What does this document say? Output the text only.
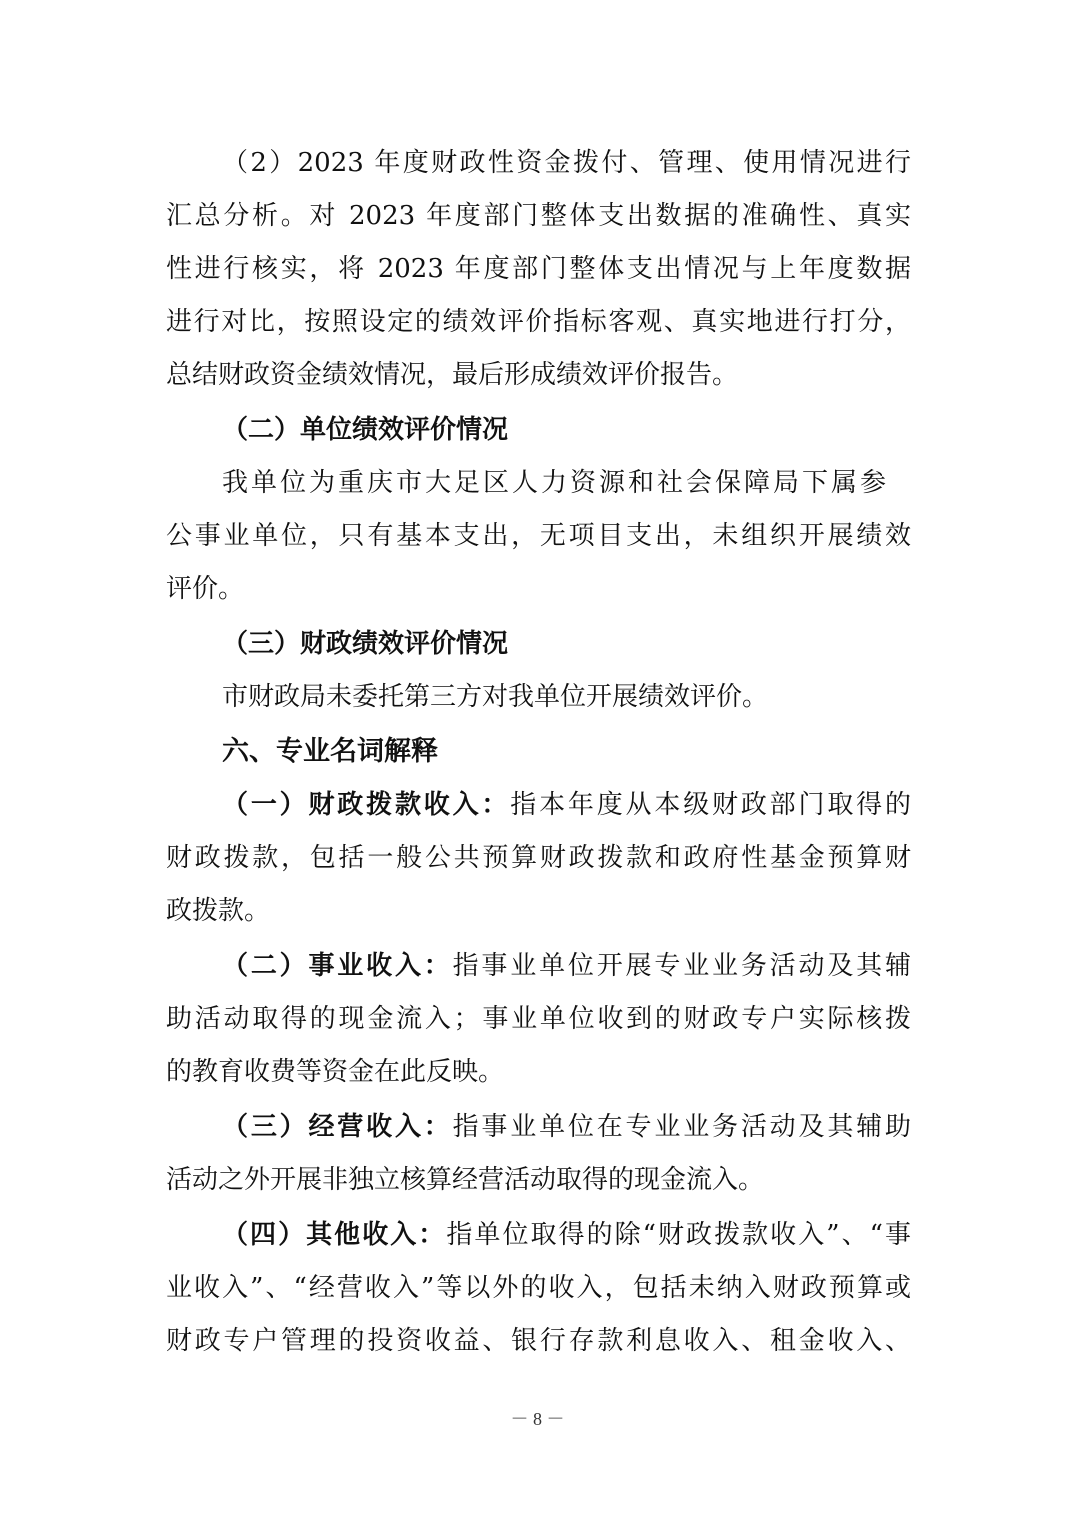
（2）2023 年度财政性资金拨付、管理、使用情况进行
汇总分析。对 2023 年度部门整体支出数据的准确性、真实
性进行核实，将 2023 年度部门整体支出情况与上年度数据
进行对比，按照设定的绩效评价指标客观、真实地进行打分，
总结财政资金绩效情况，最后形成绩效评价报告。
（二）单位绩效评价情况
我单位为重庆市大足区人力资源和社会保障局下属参
公事业单位，只有基本支出，无项目支出，未组织开展绩效
评价。
（三）财政绩效评价情况
市财政局未委托第三方对我单位开展绩效评价。
六、专业名词解释
（一）财政拨款收入：指本年度从本级财政部门取得的
财政拨款，包括一般公共预算财政拨款和政府性基金预算财
政拨款。
（二）事业收入：指事业单位开展专业业务活动及其辅
助活动取得的现金流入；事业单位收到的财政专户实际核拨
的教育收费等资金在此反映。
（三）经营收入：指事业单位在专业业务活动及其辅助
活动之外开展非独立核算经营活动取得的现金流入。
（四）其他收入：指单位取得的除“财政拨款收入”、“事
业收入”、“经营收入”等以外的收入，包括未纳入财政预算或
财政专户管理的投资收益、银行存款利息收入、租金收入、
－ 8 －
